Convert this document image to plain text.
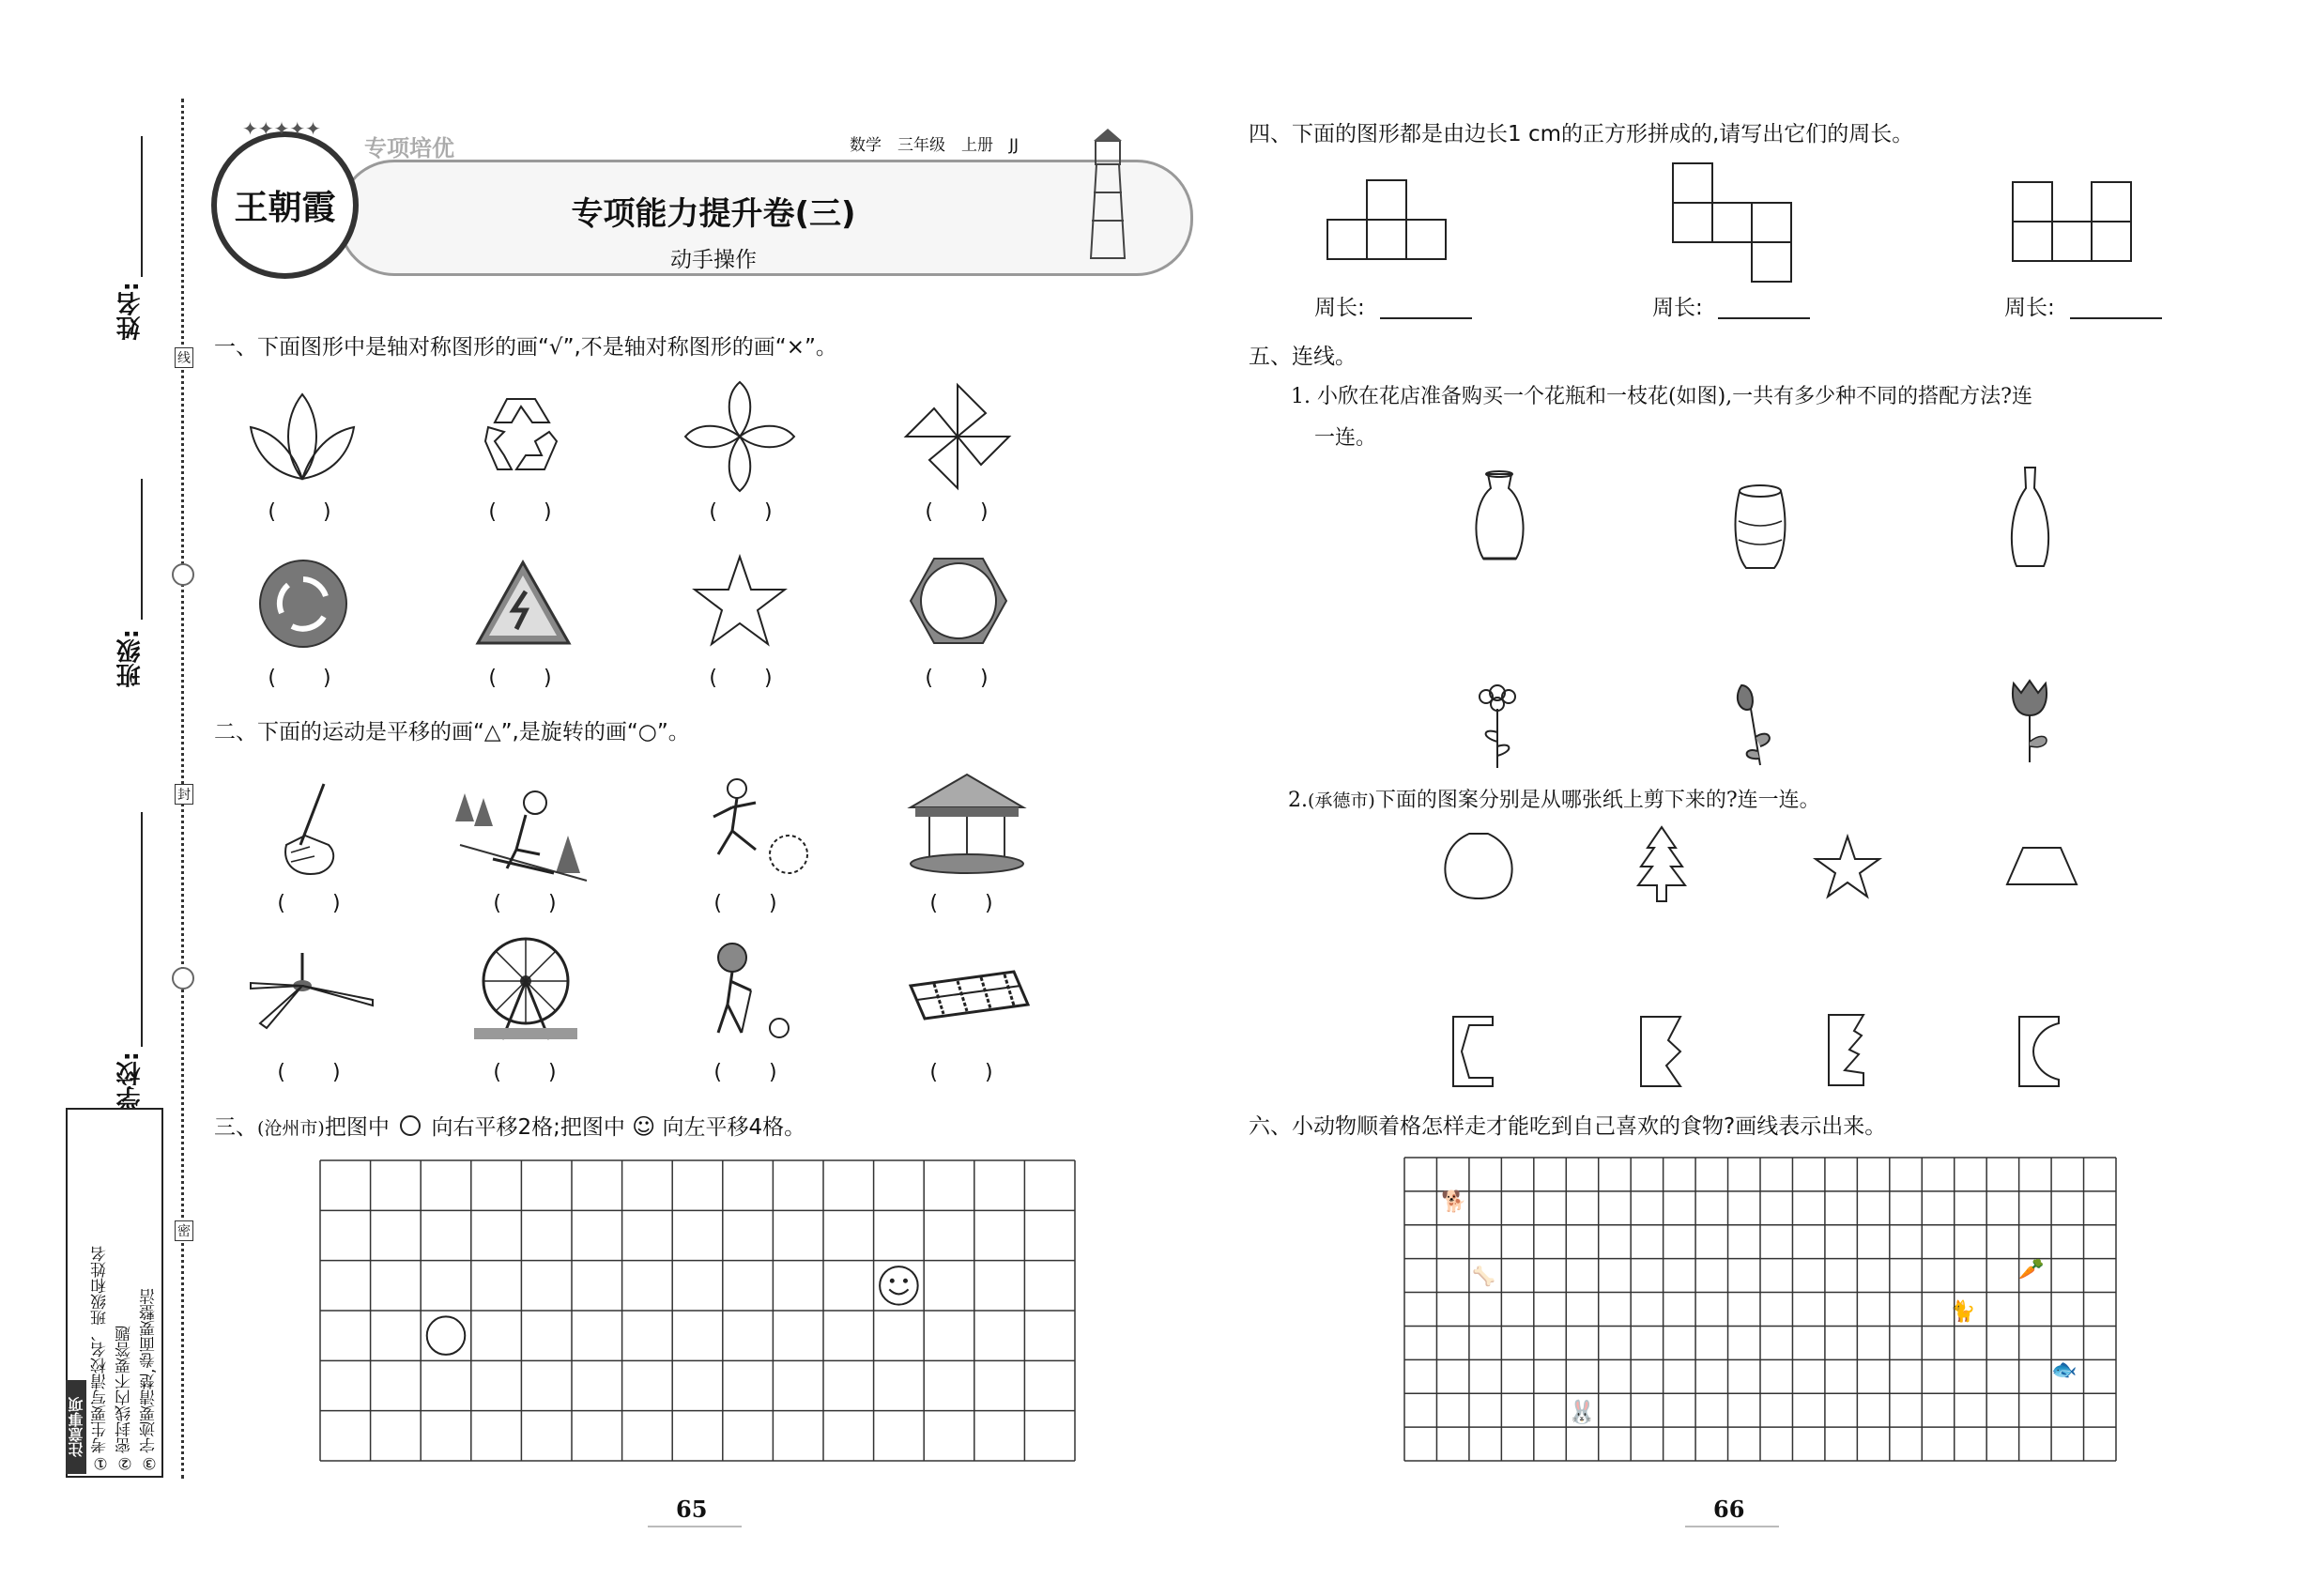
姓名:
班级:
学校:
线
封
密
③字迹要清楚,卷面要整洁
②密封线内不要答题
①考生要写清校名、班级和姓名
注意事项
王朝霞
✦✦✦✦✦
专项培优	数学　三年级　上册　JJ
专项能力提升卷(三)
动手操作
一、下面图形中是轴对称图形的画“√”,不是轴对称图形的画“×”。
(　　)	(　　)	(　　)	(　　)
(　　)	(　　)	(　　)	(　　)
二、下面的运动是平移的画“△”,是旋转的画“○”。
(　　)	(　　)	(　　)	(　　)
(　　)	(　　)	(　　)	(　　)
三、(沧州市)把图中 向右平移2格;把图中 ☺ 向左平移4格。
四、下面的图形都是由边长1 cm的正方形拼成的,请写出它们的周长。
周长:	周长:	周长:
五、连线。
1. 小欣在花店准备购买一个花瓶和一枝花(如图),一共有多少种不同的搭配方法?连
一连。
2.(承德市)下面的图案分别是从哪张纸上剪下来的?连一连。
六、小动物顺着格怎样走才能吃到自己喜欢的食物?画线表示出来。
🐕
🦴
🐰
🥕
🐈
🐟
65	66
